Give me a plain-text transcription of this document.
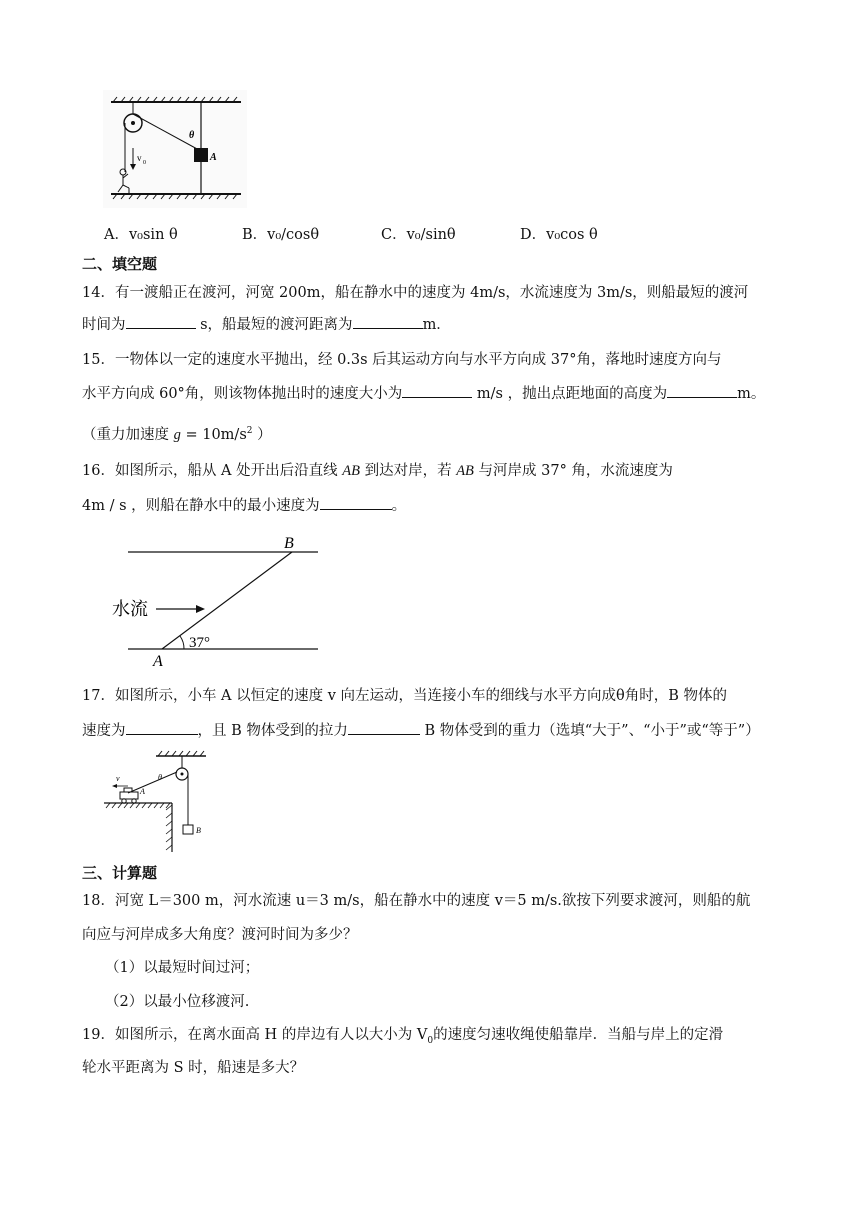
θ
A
v 0
A．v₀sin θ	B．v₀/cosθ	C．v₀/sinθ	D．v₀cos θ
二、填空题
14．有一渡船正在渡河，河宽 200m，船在静水中的速度为 4m/s，水流速度为 3m/s，则船最短的渡河
时间为	s，船最短的渡河距离为	m．
15．一物体以一定的速度水平抛出，经 0.3s 后其运动方向与水平方向成 37°角，落地时速度方向与
水平方向成 60°角，则该物体抛出时的速度大小为	m/s ，抛出点距地面的高度为	m。
（重力加速度 $g = 10m/s^2$ ）
16．如图所示，船从 A 处开出后沿直线 AB 到达对岸，若 AB 与河岸成 37° 角，水流速度为
4m / s ，则船在静水中的最小速度为	。
B
A
37°
水流
17．如图所示，小车 A 以恒定的速度 v 向左运动，当连接小车的细线与水平方向成θ角时，B 物体的
速度为	，且 B 物体受到的拉力	B 物体受到的重力（选填“大于”、“小于”或“等于”）
B
θ
A
v
三、计算题
18．河宽 L＝300 m，河水流速 u＝3 m/s，船在静水中的速度 v＝5 m/s.欲按下列要求渡河，则船的航
向应与河岸成多大角度？渡河时间为多少？
（1）以最短时间过河；
（2）以最小位移渡河.
19．如图所示，在离水面高 H 的岸边有人以大小为 $V_0$的速度匀速收绳使船靠岸．当船与岸上的定滑
轮水平距离为 S 时，船速是多大？
